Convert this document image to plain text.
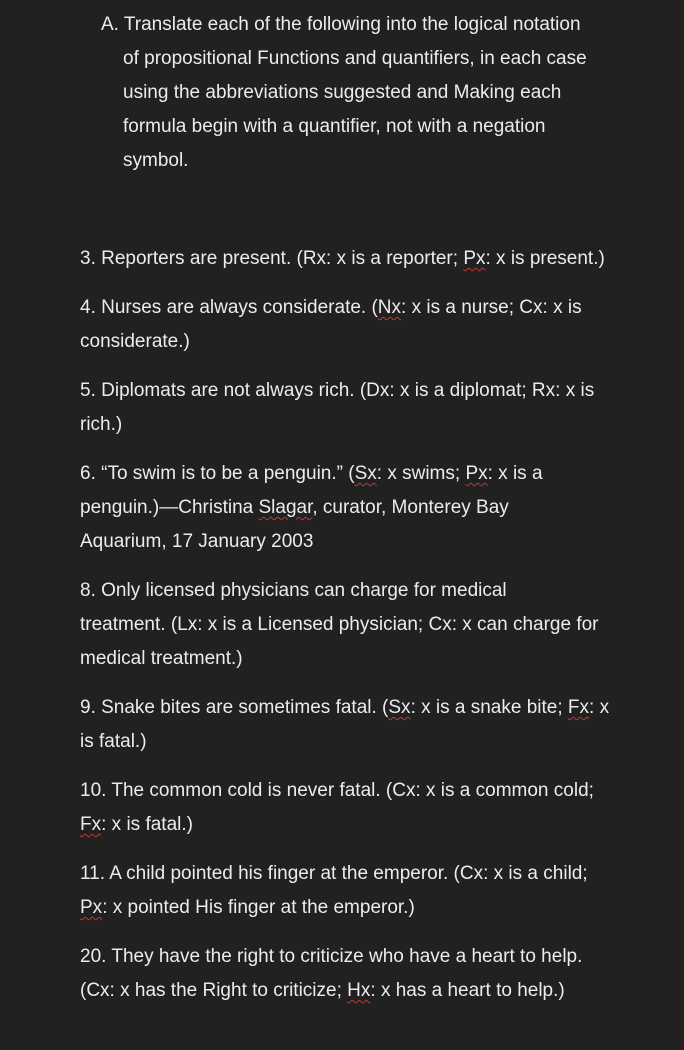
A. Translate each of the following into the logical notation
of propositional Functions and quantifiers, in each case
using the abbreviations suggested and Making each
formula begin with a quantifier, not with a negation
symbol.
3. Reporters are present. (Rx: x is a reporter; Px: x is present.)
4. Nurses are always considerate. (Nx: x is a nurse; Cx: x is
considerate.)
5. Diplomats are not always rich. (Dx: x is a diplomat; Rx: x is
rich.)
6. “To swim is to be a penguin.” (Sx: x swims; Px: x is a
penguin.)—Christina Slagar, curator, Monterey Bay
Aquarium, 17 January 2003
8. Only licensed physicians can charge for medical
treatment. (Lx: x is a Licensed physician; Cx: x can charge for
medical treatment.)
9. Snake bites are sometimes fatal. (Sx: x is a snake bite; Fx: x
is fatal.)
10. The common cold is never fatal. (Cx: x is a common cold;
Fx: x is fatal.)
11. A child pointed his finger at the emperor. (Cx: x is a child;
Px: x pointed His finger at the emperor.)
20. They have the right to criticize who have a heart to help.
(Cx: x has the Right to criticize; Hx: x has a heart to help.)
